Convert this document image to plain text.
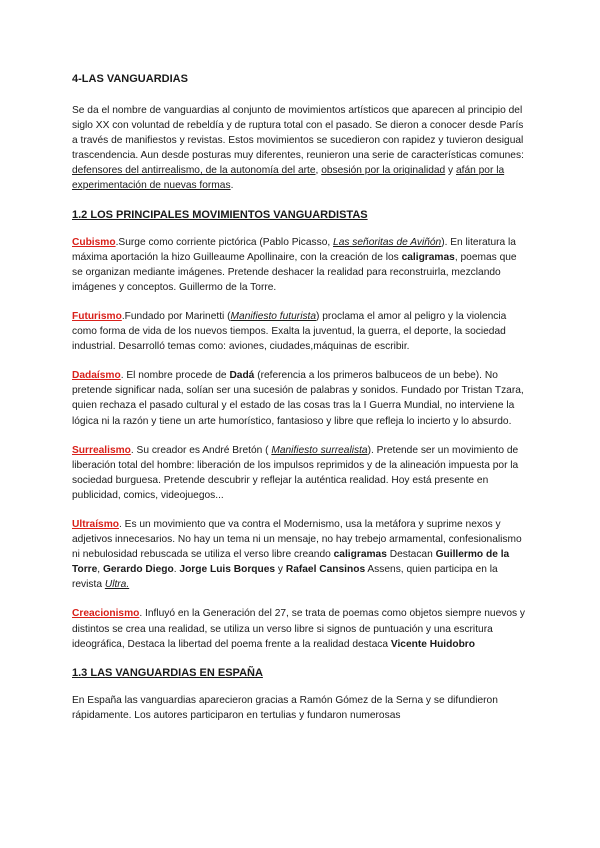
4-LAS VANGUARDIAS

Se da el nombre de vanguardias al conjunto de movimientos artísticos que aparecen al principio del siglo XX con voluntad de rebeldía y de ruptura total con el pasado. Se dieron a conocer desde París a través de manifiestos y revistas. Estos movimientos se sucedieron con rapidez y tuvieron desigual trascendencia. Aun desde posturas muy diferentes, reunieron una serie de características comunes: defensores del antirrealismo, de la autonomía del arte, obsesión por la originalidad y afán por la experimentación de nuevas formas.

1.2 LOS PRINCIPALES MOVIMIENTOS VANGUARDISTAS

Cubismo.Surge como corriente pictórica (Pablo Picasso, Las señoritas de Aviñón). En literatura la máxima aportación la hizo Guilleaume Apollinaire, con la creación de los caligramas, poemas que se organizan mediante imágenes. Pretende deshacer la realidad para reconstruirla, mezclando imágenes y conceptos. Guillermo de la Torre.

Futurismo.Fundado por Marinetti (Manifiesto futurista) proclama el amor al peligro y la violencia como forma de vida de los nuevos tiempos. Exalta la juventud, la guerra, el deporte, la sociedad industrial. Desarrolló temas como: aviones, ciudades,máquinas de escribir.

Dadaísmo. El nombre procede de Dadá (referencia a los primeros balbuceos de un bebe). No pretende significar nada, solían ser una sucesión de palabras y sonidos. Fundado por Tristan Tzara, quien rechaza el pasado cultural y el estado de las cosas tras la I Guerra Mundial, no interviene la lógica ni la razón y tiene un arte humorístico, fantasioso y libre que refleja lo incierto y lo absurdo.

Surrealismo. Su creador es André Bretón ( Manifiesto surrealista). Pretende ser un movimiento de liberación total del hombre: liberación de los impulsos reprimidos y de la alineación impuesta por la sociedad burguesa. Pretende descubrir y reflejar la auténtica realidad. Hoy está presente en publicidad, comics, videojuegos...

Ultraísmo. Es un movimiento que va contra el Modernismo, usa la metáfora y suprime nexos y adjetivos innecesarios. No hay un tema ni un mensaje, no hay trebejo armamental, confesionalismo ni nebulosidad rebuscada se utiliza el verso libre creando caligramas Destacan Guillermo de la Torre, Gerardo Diego. Jorge Luis Borques y Rafael Cansinos Assens, quien participa en la revista Ultra.

Creacionismo. Influyó en la Generación del 27, se trata de poemas como objetos siempre nuevos y distintos se crea una realidad, se utiliza un verso libre si signos de puntuación y una escritura ideográfica, Destaca la libertad del poema frente a la realidad destaca Vicente Huidobro

1.3 LAS VANGUARDIAS EN ESPAÑA

En España las vanguardias aparecieron gracias a Ramón Gómez de la Serna y se difundieron rápidamente. Los autores participaron en tertulias y fundaron numerosas
